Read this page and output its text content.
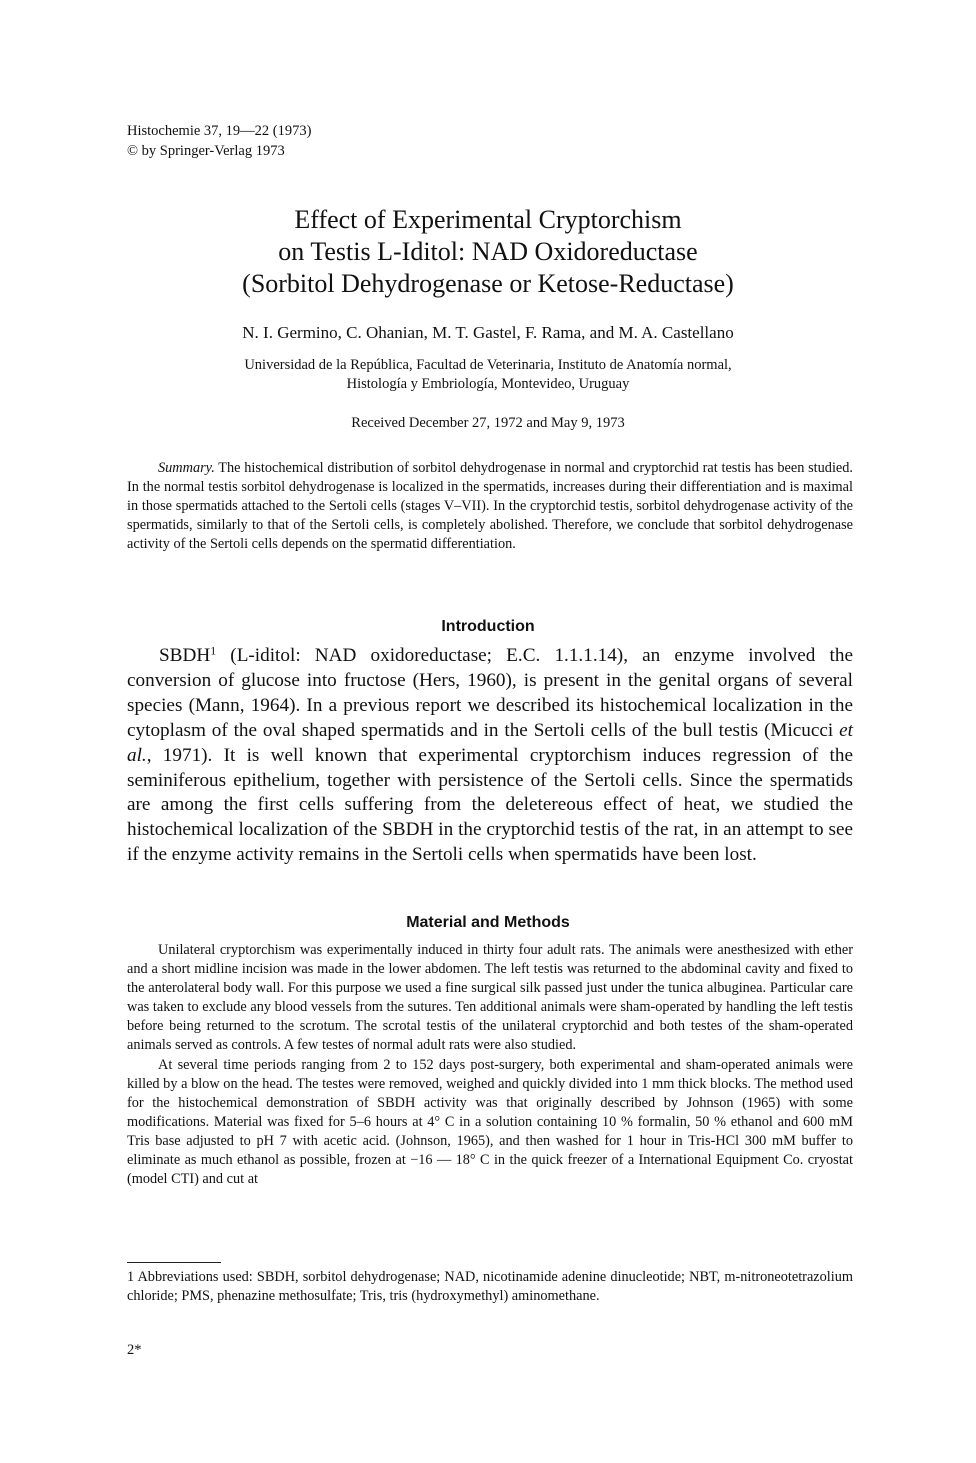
Histochemie 37, 19—22 (1973)
© by Springer-Verlag 1973
Effect of Experimental Cryptorchism
on Testis L-Iditol: NAD Oxidoreductase
(Sorbitol Dehydrogenase or Ketose-Reductase)
N. I. Germino, C. Ohanian, M. T. Gastel, F. Rama, and M. A. Castellano
Universidad de la República, Facultad de Veterinaria, Instituto de Anatomía normal,
Histología y Embriología, Montevideo, Uruguay
Received December 27, 1972 and May 9, 1973

Summary. The histochemical distribution of sorbitol dehydrogenase in normal and cryptorchid rat testis has been studied. In the normal testis sorbitol dehydrogenase is localized in the spermatids, increases during their differentiation and is maximal in those spermatids attached to the Sertoli cells (stages V–VII). In the cryptorchid testis, sorbitol dehydrogenase activity of the spermatids, similarly to that of the Sertoli cells, is completely abolished. Therefore, we conclude that sorbitol dehydrogenase activity of the Sertoli cells depends on the spermatid differentiation.

Introduction

SBDH$^1$ (L-iditol: NAD oxidoreductase; E.C. 1.1.1.14), an enzyme involved the conversion of glucose into fructose (Hers, 1960), is present in the genital organs of several species (Mann, 1964). In a previous report we described its histochemical localization in the cytoplasm of the oval shaped spermatids and in the Sertoli cells of the bull testis (Micucci et al., 1971). It is well known that experimental cryptorchism induces regression of the seminiferous epithelium, together with persistence of the Sertoli cells. Since the spermatids are among the first cells suffering from the deletereous effect of heat, we studied the histochemical localization of the SBDH in the cryptorchid testis of the rat, in an attempt to see if the enzyme activity remains in the Sertoli cells when spermatids have been lost.

Material and Methods

Unilateral cryptorchism was experimentally induced in thirty four adult rats. The animals were anesthesized with ether and a short midline incision was made in the lower abdomen. The left testis was returned to the abdominal cavity and fixed to the anterolateral body wall. For this purpose we used a fine surgical silk passed just under the tunica albuginea. Particular care was taken to exclude any blood vessels from the sutures. Ten additional animals were sham-operated by handling the left testis before being returned to the scrotum. The scrotal testis of the unilateral cryptorchid and both testes of the sham-operated animals served as controls. A few testes of normal adult rats were also studied.

At several time periods ranging from 2 to 152 days post-surgery, both experimental and sham-operated animals were killed by a blow on the head. The testes were removed, weighed and quickly divided into 1 mm thick blocks. The method used for the histochemical demonstration of SBDH activity was that originally described by Johnson (1965) with some modifications. Material was fixed for 5–6 hours at 4° C in a solution containing 10 % formalin, 50 % ethanol and 600 mM Tris base adjusted to pH 7 with acetic acid. (Johnson, 1965), and then washed for 1 hour in Tris-HCl 300 mM buffer to eliminate as much ethanol as possible, frozen at −16 — 18° C in the quick freezer of a International Equipment Co. cryostat (model CTI) and cut at

1 Abbreviations used: SBDH, sorbitol dehydrogenase; NAD, nicotinamide adenine dinucleotide; NBT, m-nitroneotetrazolium chloride; PMS, phenazine methosulfate; Tris, tris (hydroxymethyl) aminomethane.

2*
